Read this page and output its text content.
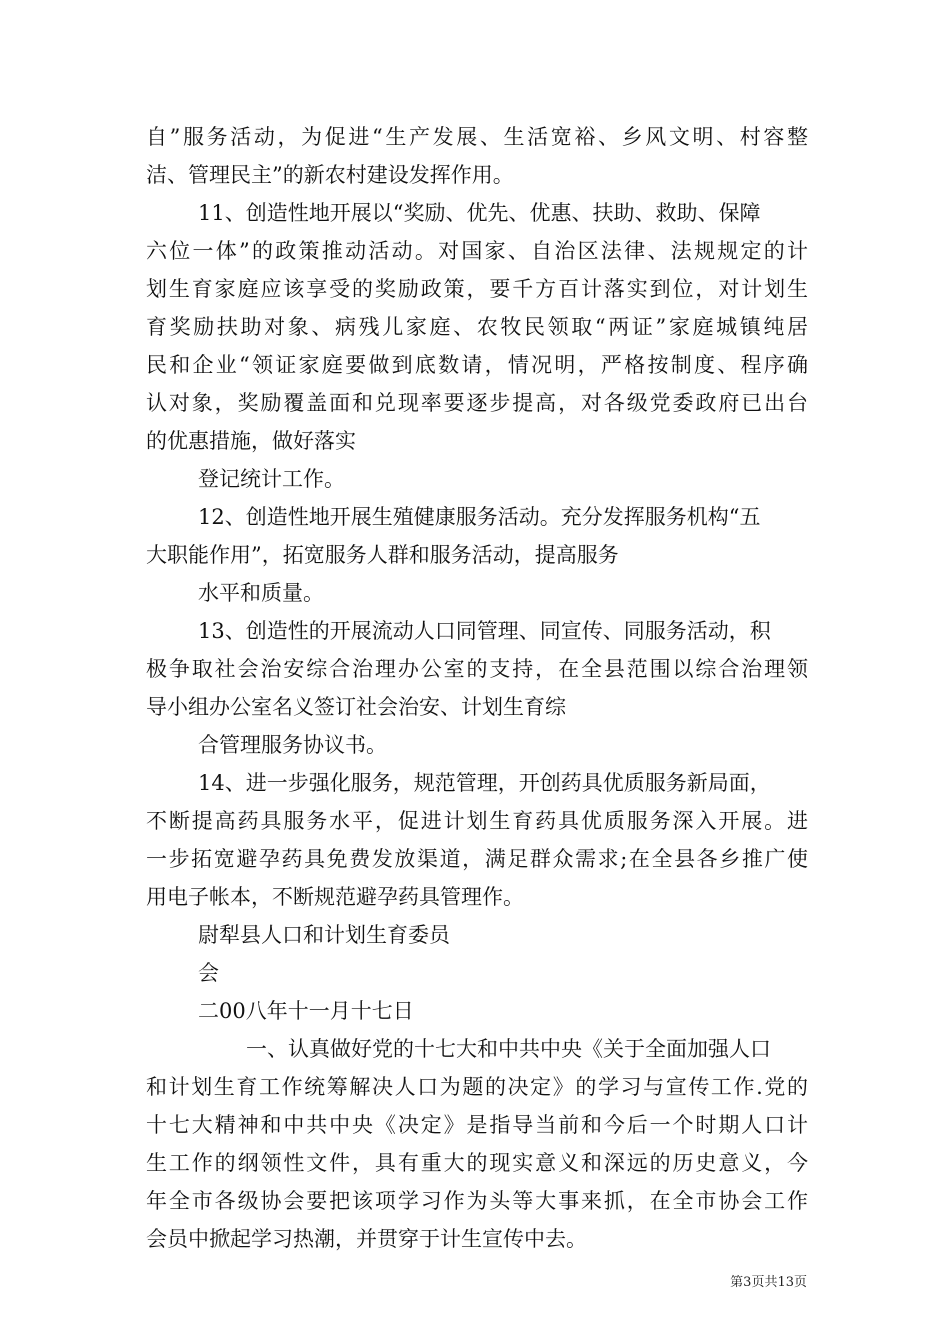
自”服务活动，为促进“生产发展、生活宽裕、乡风文明、村容整
洁、管理民主”的新农村建设发挥作用。
11、创造性地开展以“奖励、优先、优惠、扶助、救助、保障
六位一体”的政策推动活动。对国家、自治区法律、法规规定的计
划生育家庭应该享受的奖励政策，要千方百计落实到位，对计划生
育奖励扶助对象、病残儿家庭、农牧民领取“两证”家庭城镇纯居
民和企业“领证家庭要做到底数请，情况明，严格按制度、程序确
认对象，奖励覆盖面和兑现率要逐步提高，对各级党委政府已出台
的优惠措施，做好落实
登记统计工作。
12、创造性地开展生殖健康服务活动。充分发挥服务机构“五
大职能作用”，拓宽服务人群和服务活动，提高服务
水平和质量。
13、创造性的开展流动人口同管理、同宣传、同服务活动，积
极争取社会治安综合治理办公室的支持，在全县范围以综合治理领
导小组办公室名义签订社会治安、计划生育综
合管理服务协议书。
14、进一步强化服务，规范管理，开创药具优质服务新局面，
不断提高药具服务水平，促进计划生育药具优质服务深入开展。进
一步拓宽避孕药具免费发放渠道，满足群众需求;在全县各乡推广使
用电子帐本，不断规范避孕药具管理作。
尉犁县人口和计划生育委员
会
二00八年十一月十七日
一、认真做好党的十七大和中共中央《关于全面加强人口
和计划生育工作统筹解决人口为题的决定》的学习与宣传工作.党的
十七大精神和中共中央《决定》是指导当前和今后一个时期人口计
生工作的纲领性文件，具有重大的现实意义和深远的历史意义，今
年全市各级协会要把该项学习作为头等大事来抓，在全市协会工作
会员中掀起学习热潮，并贯穿于计生宣传中去。
第3页共13页
